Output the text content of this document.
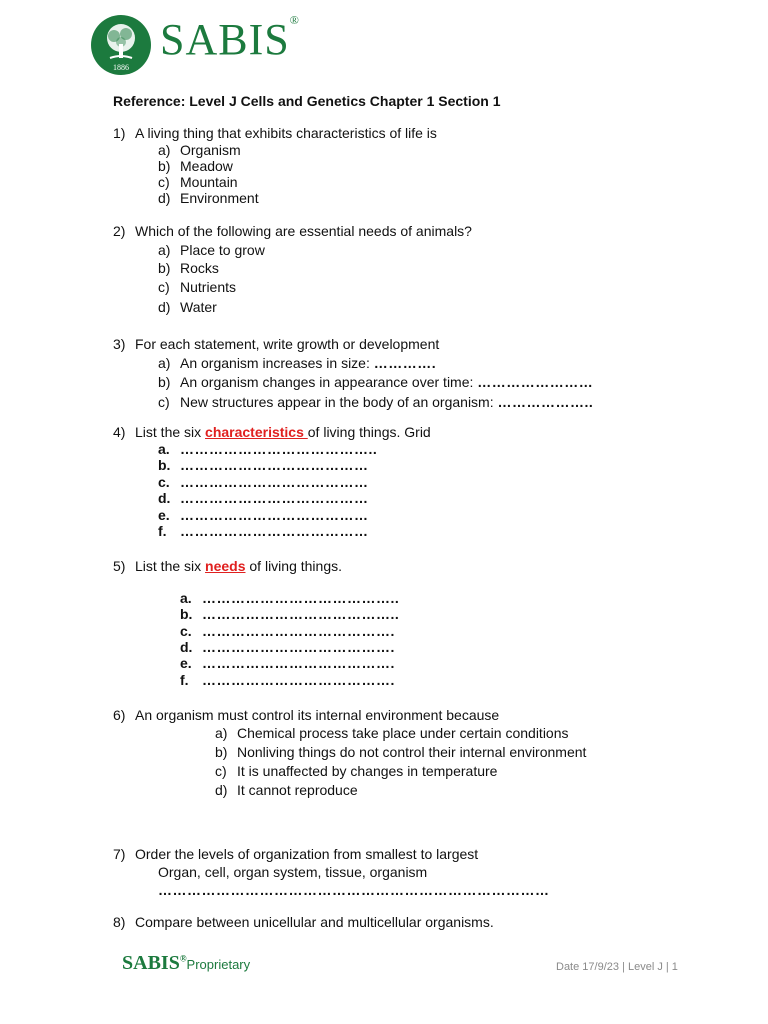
1886
SABIS®
Reference: Level J Cells and Genetics Chapter 1 Section 1
1) A living thing that exhibits characteristics of life is
a) Organism
b) Meadow
c) Mountain
d) Environment
2) Which of the following are essential needs of animals?
a) Place to grow
b) Rocks
c) Nutrients
d) Water
3) For each statement, write growth or development
a) An organism increases in size: ………….
b) An organism changes in appearance over time: ……………………
c) New structures appear in the body of an organism: ………………..
4) List the six characteristics of living things. Grid
a. …………………………………..
b. …………………………………
c. …………………………………
d. …………………………………
e. …………………………………
f. …………………………………
5) List the six needs of living things.
a. …………………………………..
b. …………………………………..
c. ………………………………….
d. ………………………………….
e. ………………………………….
f. ………………………………….
6) An organism must control its internal environment because
a) Chemical process take place under certain conditions
b) Nonliving things do not control their internal environment
c) It is unaffected by changes in temperature
d) It cannot reproduce
7) Order the levels of organization from smallest to largest
Organ, cell, organ system, tissue, organism
………………………………………………………………………
8) Compare between unicellular and multicellular organisms.
SABIS®Proprietary	Date 17/9/23 | Level J | 1
